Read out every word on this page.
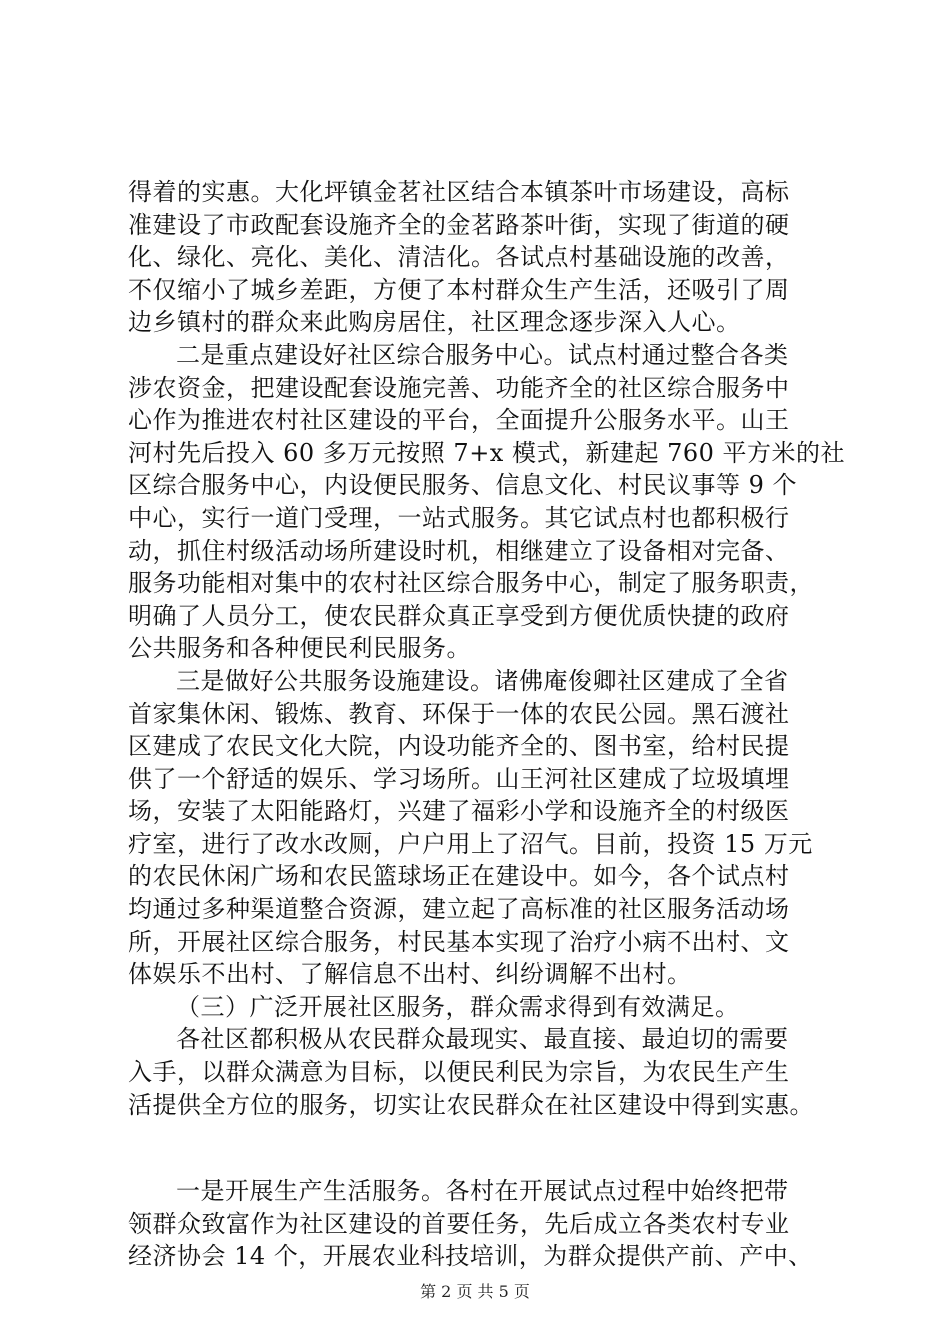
得着的实惠。大化坪镇金茗社区结合本镇茶叶市场建设，高标
准建设了市政配套设施齐全的金茗路茶叶街，实现了街道的硬
化、绿化、亮化、美化、清洁化。各试点村基础设施的改善，
不仅缩小了城乡差距，方便了本村群众生产生活，还吸引了周
边乡镇村的群众来此购房居住，社区理念逐步深入人心。
二是重点建设好社区综合服务中心。试点村通过整合各类
涉农资金，把建设配套设施完善、功能齐全的社区综合服务中
心作为推进农村社区建设的平台，全面提升公服务水平。山王
河村先后投入 60 多万元按照 7+x 模式，新建起 760 平方米的社
区综合服务中心，内设便民服务、信息文化、村民议事等 9 个
中心，实行一道门受理，一站式服务。其它试点村也都积极行
动，抓住村级活动场所建设时机，相继建立了设备相对完备、
服务功能相对集中的农村社区综合服务中心，制定了服务职责，
明确了人员分工，使农民群众真正享受到方便优质快捷的政府
公共服务和各种便民利民服务。
三是做好公共服务设施建设。诸佛庵俊卿社区建成了全省
首家集休闲、锻炼、教育、环保于一体的农民公园。黑石渡社
区建成了农民文化大院，内设功能齐全的、图书室，给村民提
供了一个舒适的娱乐、学习场所。山王河社区建成了垃圾填埋
场，安装了太阳能路灯，兴建了福彩小学和设施齐全的村级医
疗室，进行了改水改厕，户户用上了沼气。目前，投资 15 万元
的农民休闲广场和农民篮球场正在建设中。如今，各个试点村
均通过多种渠道整合资源，建立起了高标准的社区服务活动场
所，开展社区综合服务，村民基本实现了治疗小病不出村、文
体娱乐不出村、了解信息不出村、纠纷调解不出村。
（三）广泛开展社区服务，群众需求得到有效满足。
各社区都积极从农民群众最现实、最直接、最迫切的需要
入手，以群众满意为目标，以便民利民为宗旨，为农民生产生
活提供全方位的服务，切实让农民群众在社区建设中得到实惠。
一是开展生产生活服务。各村在开展试点过程中始终把带
领群众致富作为社区建设的首要任务，先后成立各类农村专业
经济协会 14 个，开展农业科技培训，为群众提供产前、产中、
第 2 页 共 5 页
